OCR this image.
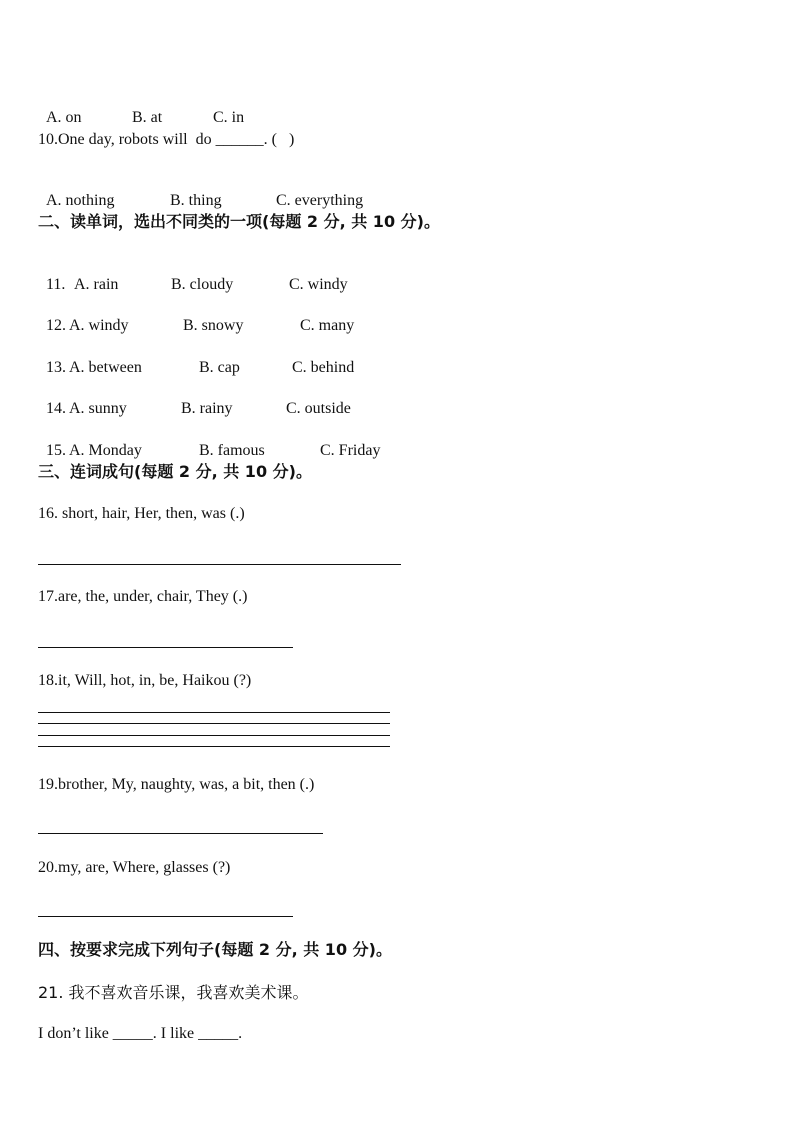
A. on	B. at	C. in

10.One day, robots will  do ______. (   )

A. nothing	B. thing	C. everything

二、读单词，选出不同类的一项(每题 2 分, 共 10 分)。

11. A. rain	B. cloudy	C. windy

12. A. windy	B. snowy	C. many

13. A. between	B. cap	C. behind

14. A. sunny	B. rainy	C. outside

15. A. Monday	B. famous	C. Friday

三、连词成句(每题 2 分, 共 10 分)。
16. short, hair, Her, then, was (.)
17.are, the, under, chair, They (.)
18.it, Will, hot, in, be, Haikou (?)
19.brother, My, naughty, was, a bit, then (.)
20.my, are, Where, glasses (?)
四、按要求完成下列句子(每题 2 分, 共 10 分)。
21. 我不喜欢音乐课，我喜欢美术课。
I don’t like _____. I like _____.
